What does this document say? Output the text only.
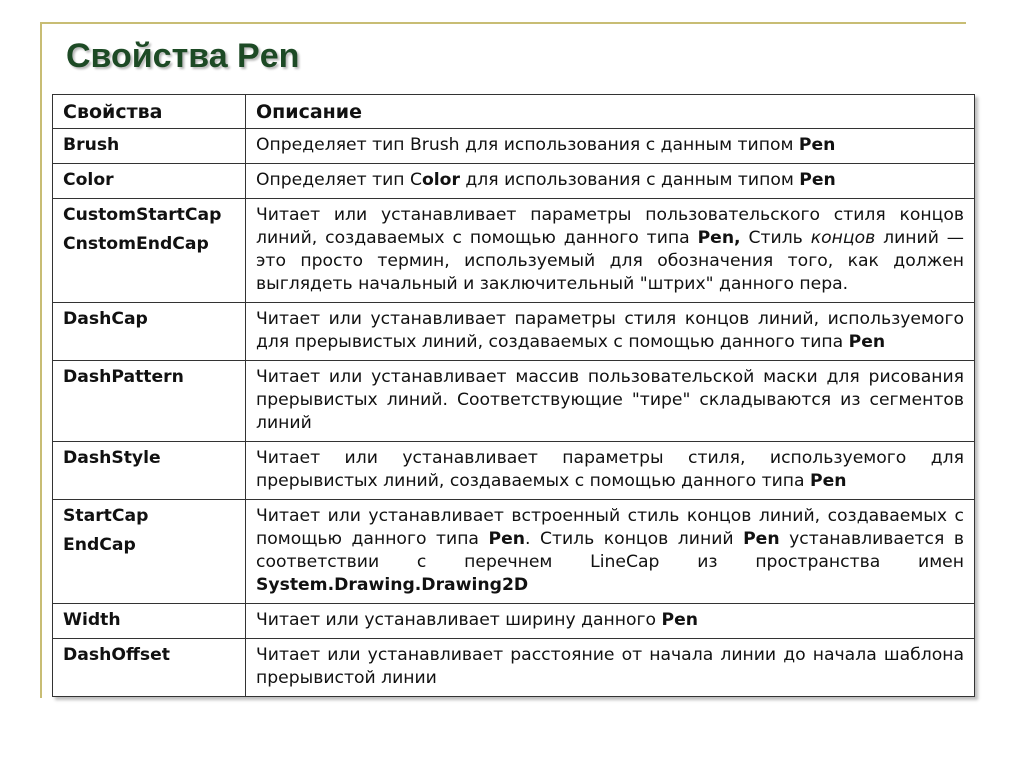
Свойства Pen
Свойства	Описание

Brush	Определяет тип Brush для использования с данным типом Pen

Color	Определяет тип Color для использования с данным типом Pen

CustomStartCap
CnstomEndCap	Читает или устанавливает параметры пользовательского стиля концов линий, создаваемых с помощью данного типа Pen, Стиль концов линий — это просто термин, используемый для обозначения того, как должен выглядеть начальный и заключительный "штрих" данного пера.

DashCap	Читает или устанавливает параметры стиля концов линий, используемого для прерывистых линий, создаваемых с помощью данного типа Pen

DashPattern	Читает или устанавливает массив пользовательской маски для рисования прерывистых линий. Соответствующие "тире" складываются из сегментов линий

DashStyle	Читает или устанавливает параметры стиля, используемого для прерывистых линий, создаваемых с помощью данного типа Pen

StartCap
EndCap	Читает или устанавливает встроенный стиль концов линий, создаваемых с помощью данного типа Pen. Стиль концов линий Pen устанавливается в соответствии с перечнем LineCap из пространства имен System.Drawing.Drawing2D

Width	Читает или устанавливает ширину данного Pen

DashOffset	Читает или устанавливает расстояние от начала линии до начала шаблона прерывистой линии
